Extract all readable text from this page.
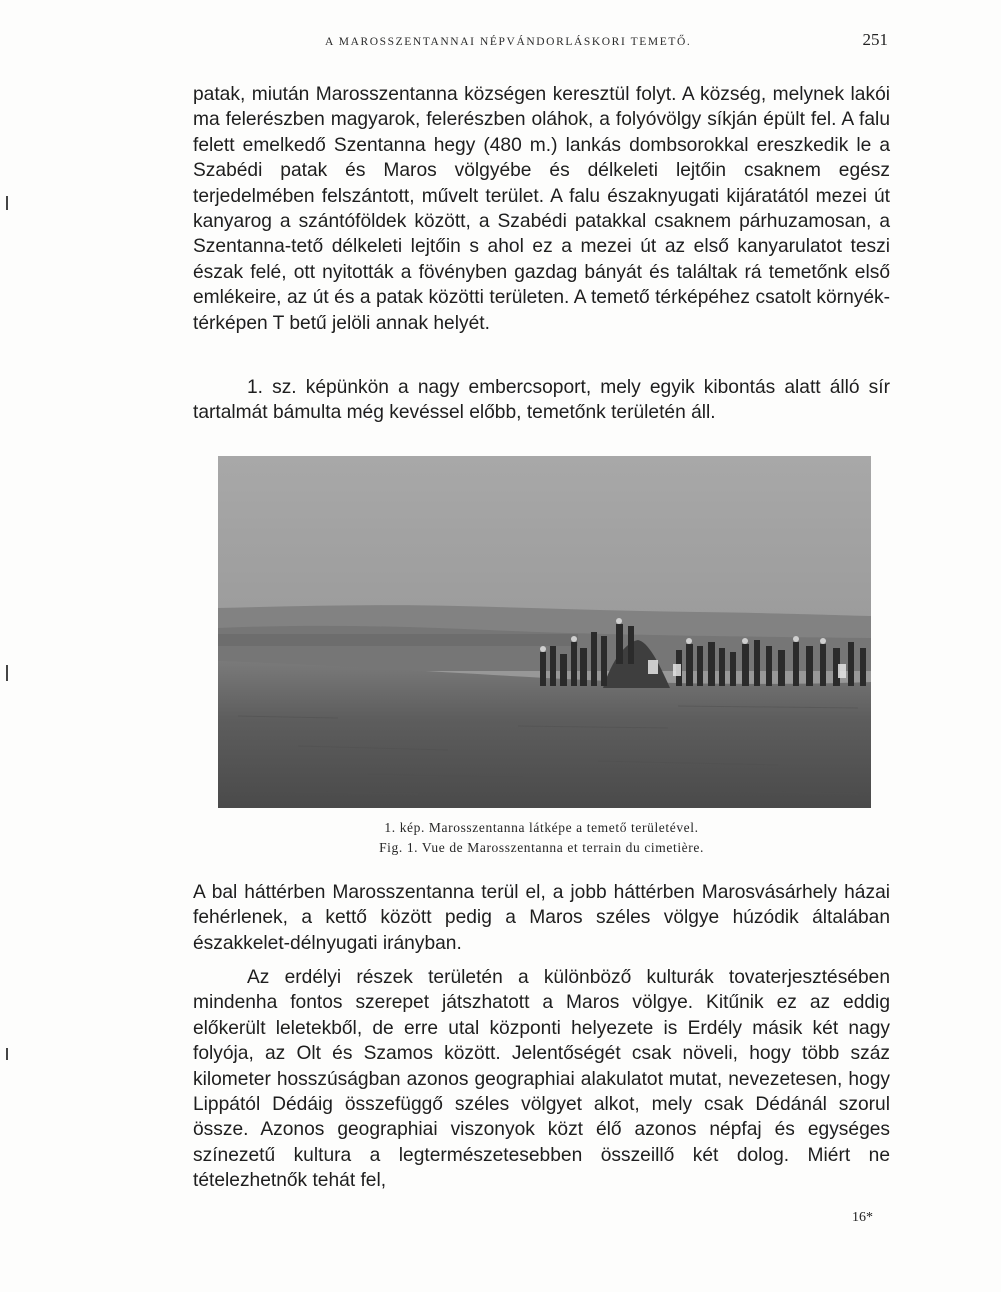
A MAROSSZENTANNAI NÉPVÁNDORLÁSKORI TEMETŐ.	251

patak, miután Marosszentanna községen keresztül folyt. A község, melynek lakói ma felerészben magyarok, felerészben oláhok, a folyóvölgy síkján épült fel. A falu felett emelkedő Szentanna hegy (480 m.) lankás dombsorokkal ereszkedik le a Szabédi patak és Maros völgyébe és délkeleti lejtőin csaknem egész terjedelmében felszántott, művelt terület. A falu északnyugati kijáratától mezei út kanyarog a szántóföldek között, a Szabédi patakkal csaknem párhuzamosan, a Szentanna-tető délkeleti lejtőin s ahol ez a mezei út az első kanyarulatot teszi észak felé, ott nyitották a fövényben gazdag bányát és találtak rá temetőnk első emlékeire, az út és a patak közötti területen. A temető térképéhez csatolt környék-térképen T betű jelöli annak helyét.

1. sz. képünkön a nagy embercsoport, mely egyik kibontás alatt álló sír tartalmát bámulta még kevéssel előbb, temetőnk területén áll.

1. kép. Marosszentanna látképe a temető területével.
Fig. 1. Vue de Marosszentanna et terrain du cimetière.

A bal háttérben Marosszentanna terül el, a jobb háttérben Marosvásárhely házai fehérlenek, a kettő között pedig a Maros széles völgye húzódik általában északkelet-délnyugati irányban.

Az erdélyi részek területén a különböző kulturák tovaterjesztésében mindenha fontos szerepet játszhatott a Maros völgye. Kitűnik ez az eddig előkerült leletekből, de erre utal központi helyezete is Erdély másik két nagy folyója, az Olt és Szamos között. Jelentőségét csak növeli, hogy több száz kilometer hosszúságban azonos geographiai alakulatot mutat, nevezetesen, hogy Lippától Dédáig összefüggő széles völgyet alkot, mely csak Dédánál szorul össze. Azonos geographiai viszonyok közt élő azonos népfaj és egységes színezetű kultura a legtermészetesebben összeillő két dolog. Miért ne tételezhetnők tehát fel,

16*
